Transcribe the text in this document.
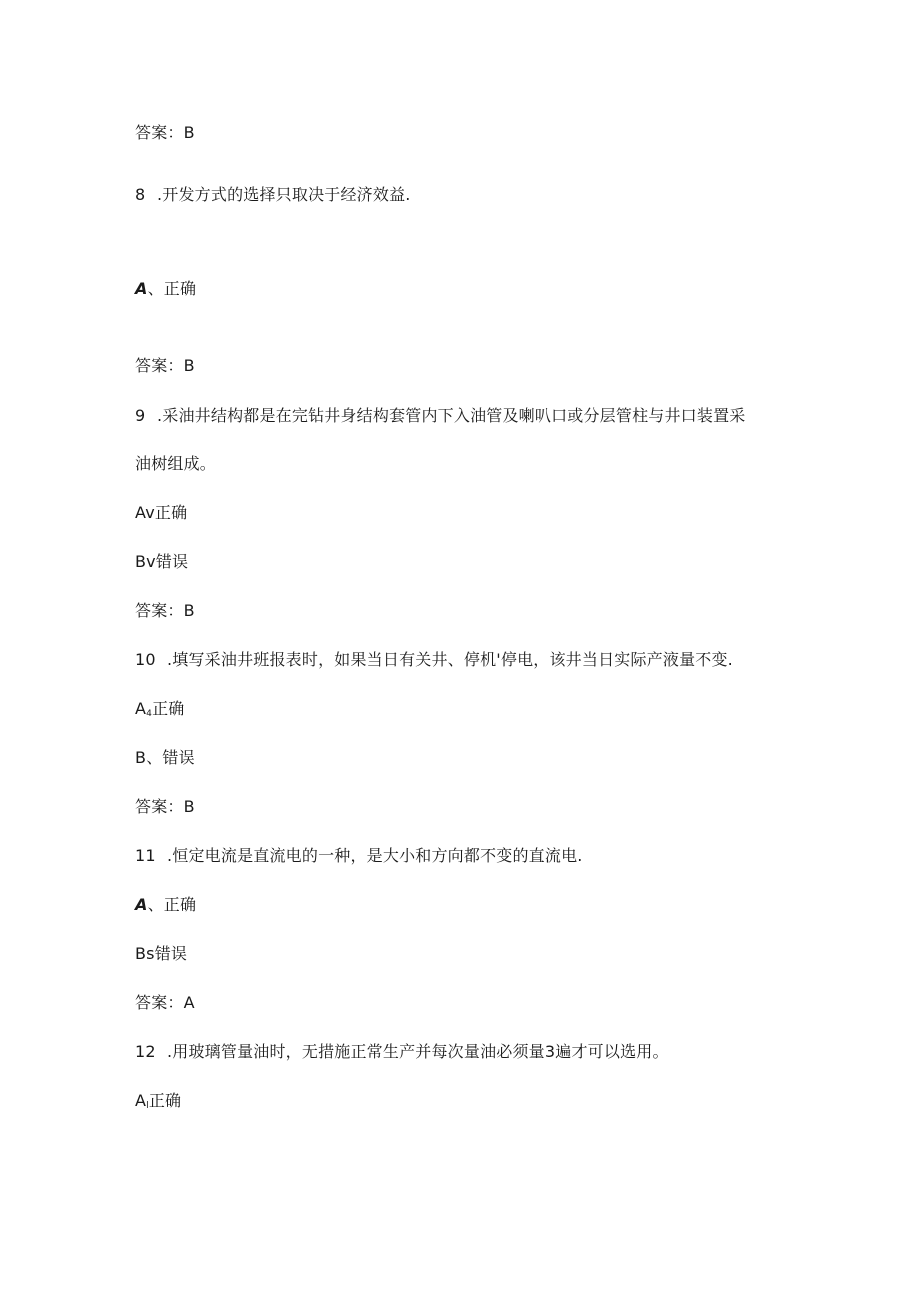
答案：B
8 .开发方式的选择只取决于经济效益.
A、正确
答案：B
9 .采油井结构都是在完钻井身结构套管内下入油管及喇叭口或分层管柱与井口装置采
油树组成。
Av正确
Bv错误
答案：B
10 .填写采油井班报表时，如果当日有关井、停机'停电，该井当日实际产液量不变.
$A_4$正确
B、错误
答案：B
11 .恒定电流是直流电的一种，是大小和方向都不变的直流电.
A、正确
Bs错误
答案：A
12 .用玻璃管量油时，无措施正常生产并每次量油必须量3遍才可以选用。
$A_l$正确
